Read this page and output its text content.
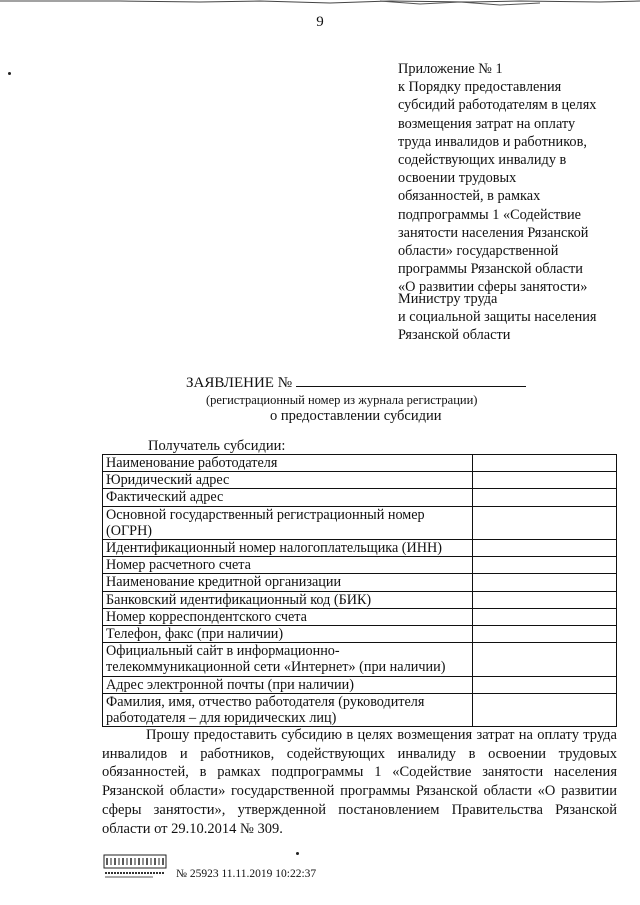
9
Приложение № 1
к Порядку предоставления
субсидий работодателям в целях
возмещения затрат на оплату
труда инвалидов и работников,
содействующих инвалиду в
освоении трудовых
обязанностей, в рамках
подпрограммы 1 «Содействие
занятости населения Рязанской
области» государственной
программы Рязанской области
«О развитии сферы занятости»
Министру труда
и социальной защиты населения
Рязанской области
ЗАЯВЛЕНИЕ №
(регистрационный номер из журнала регистрации)
о предоставлении субсидии
Получатель субсидии:
Наименование работодателя	
Юридический адрес	
Фактический адрес	
Основной государственный регистрационный номер (ОГРН)	
Идентификационный номер налогоплательщика (ИНН)	
Номер расчетного счета	
Наименование кредитной организации	
Банковский идентификационный код (БИК)	
Номер корреспондентского счета	
Телефон, факс (при наличии)	
Официальный сайт в информационно-телекоммуникационной сети «Интернет» (при наличии)	
Адрес электронной почты (при наличии)	
Фамилия, имя, отчество работодателя (руководителя работодателя – для юридических лиц)	

Прошу предоставить субсидию в целях возмещения затрат на оплату труда инвалидов и работников, содействующих инвалиду в освоении трудовых обязанностей, в рамках подпрограммы 1 «Содействие занятости населения Рязанской области» государственной программы Рязанской области «О развитии сферы занятости», утвержденной постановлением Правительства Рязанской области от 29.10.2014 № 309.

№ 25923 11.11.2019 10:22:37
